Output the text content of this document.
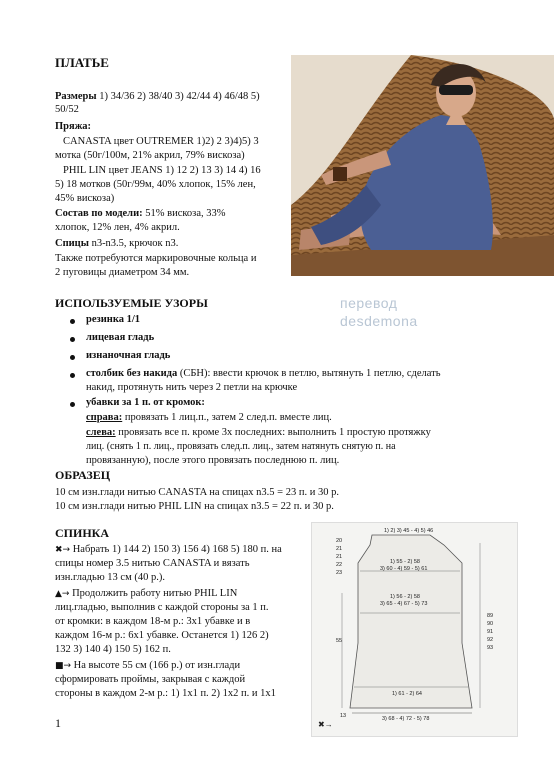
ПЛАТЬЕ
Размеры 1) 34/36 2) 38/40 3) 42/44 4) 46/48 5)
50/52
Пряжа:
CANASTA цвет OUTREMER 1)2) 2 3)4)5) 3
мотка (50г/100м, 21% акрил, 79% вискоза)
PHIL LIN цвет JEANS 1) 12 2) 13 3) 14 4) 16
5) 18 мотков (50г/99м, 40% хлопок, 15% лен,
45% вискоза)
Состав по модели: 51% вискоза, 33%
хлопок, 12% лен, 4% акрил.
Спицы n3-n3.5, крючок n3.
Также потребуются маркировочные кольца и
2 пуговицы диаметром 34 мм.
перевод
desdemona
ИСПОЛЬЗУЕМЫЕ УЗОРЫ
резинка 1/1
лицевая гладь
изнаночная гладь
столбик без накида (СБН): ввести крючок в петлю, вытянуть 1 петлю, сделать
накид, протянуть нить через 2 петли на крючке
убавки за 1 п. от кромок:
справа: провязать 1 лиц.п., затем 2 след.п. вместе лиц.
слева: провязать все п. кроме 3х последних: выполнить 1 простую протяжку
лиц. (снять 1 п. лиц., провязать след.п. лиц., затем натянуть снятую п. на
провязанную), после этого провязать последнюю п. лиц.
ОБРАЗЕЦ
10 см изн.глади нитью CANASTA на спицах n3.5 = 23 п. и 30 р.
10 см изн.глади нитью PHIL LIN на спицах n3.5 = 22 п. и 30 р.
СПИНКА
✖→ Набрать 1) 144 2) 150 3) 156 4) 168 5) 180 п. на
спицы номер 3.5 нитью CANASTA и вязать
изн.гладью 13 см (40 р.).
▲→ Продолжить работу нитью PHIL LIN
лиц.гладью, выполнив с каждой стороны за 1 п.
от кромки: в каждом 18-м р.: 3x1 убавке и в
каждом 16-м р.: 6x1 убавке. Останется 1) 126 2)
132 3) 140 4) 150 5) 162 п.
■→ На высоте 55 см (166 р.) от изн.глади
сформировать проймы, закрывая с каждой
стороны в каждом 2-м р.: 1) 1x1 п. 2) 1x2 п. и 1x1
1) 2) 3) 45 - 4) 5) 46
20
21
21
22
23
1) 55 - 2) 58
3) 60 - 4) 59 - 5) 61
1) 56 - 2) 58
3) 65 - 4) 67 - 5) 73
55
89
90
91
92
93
1) 61 - 2) 64
3) 68 - 4) 72 - 5) 78
13
✖→
1
